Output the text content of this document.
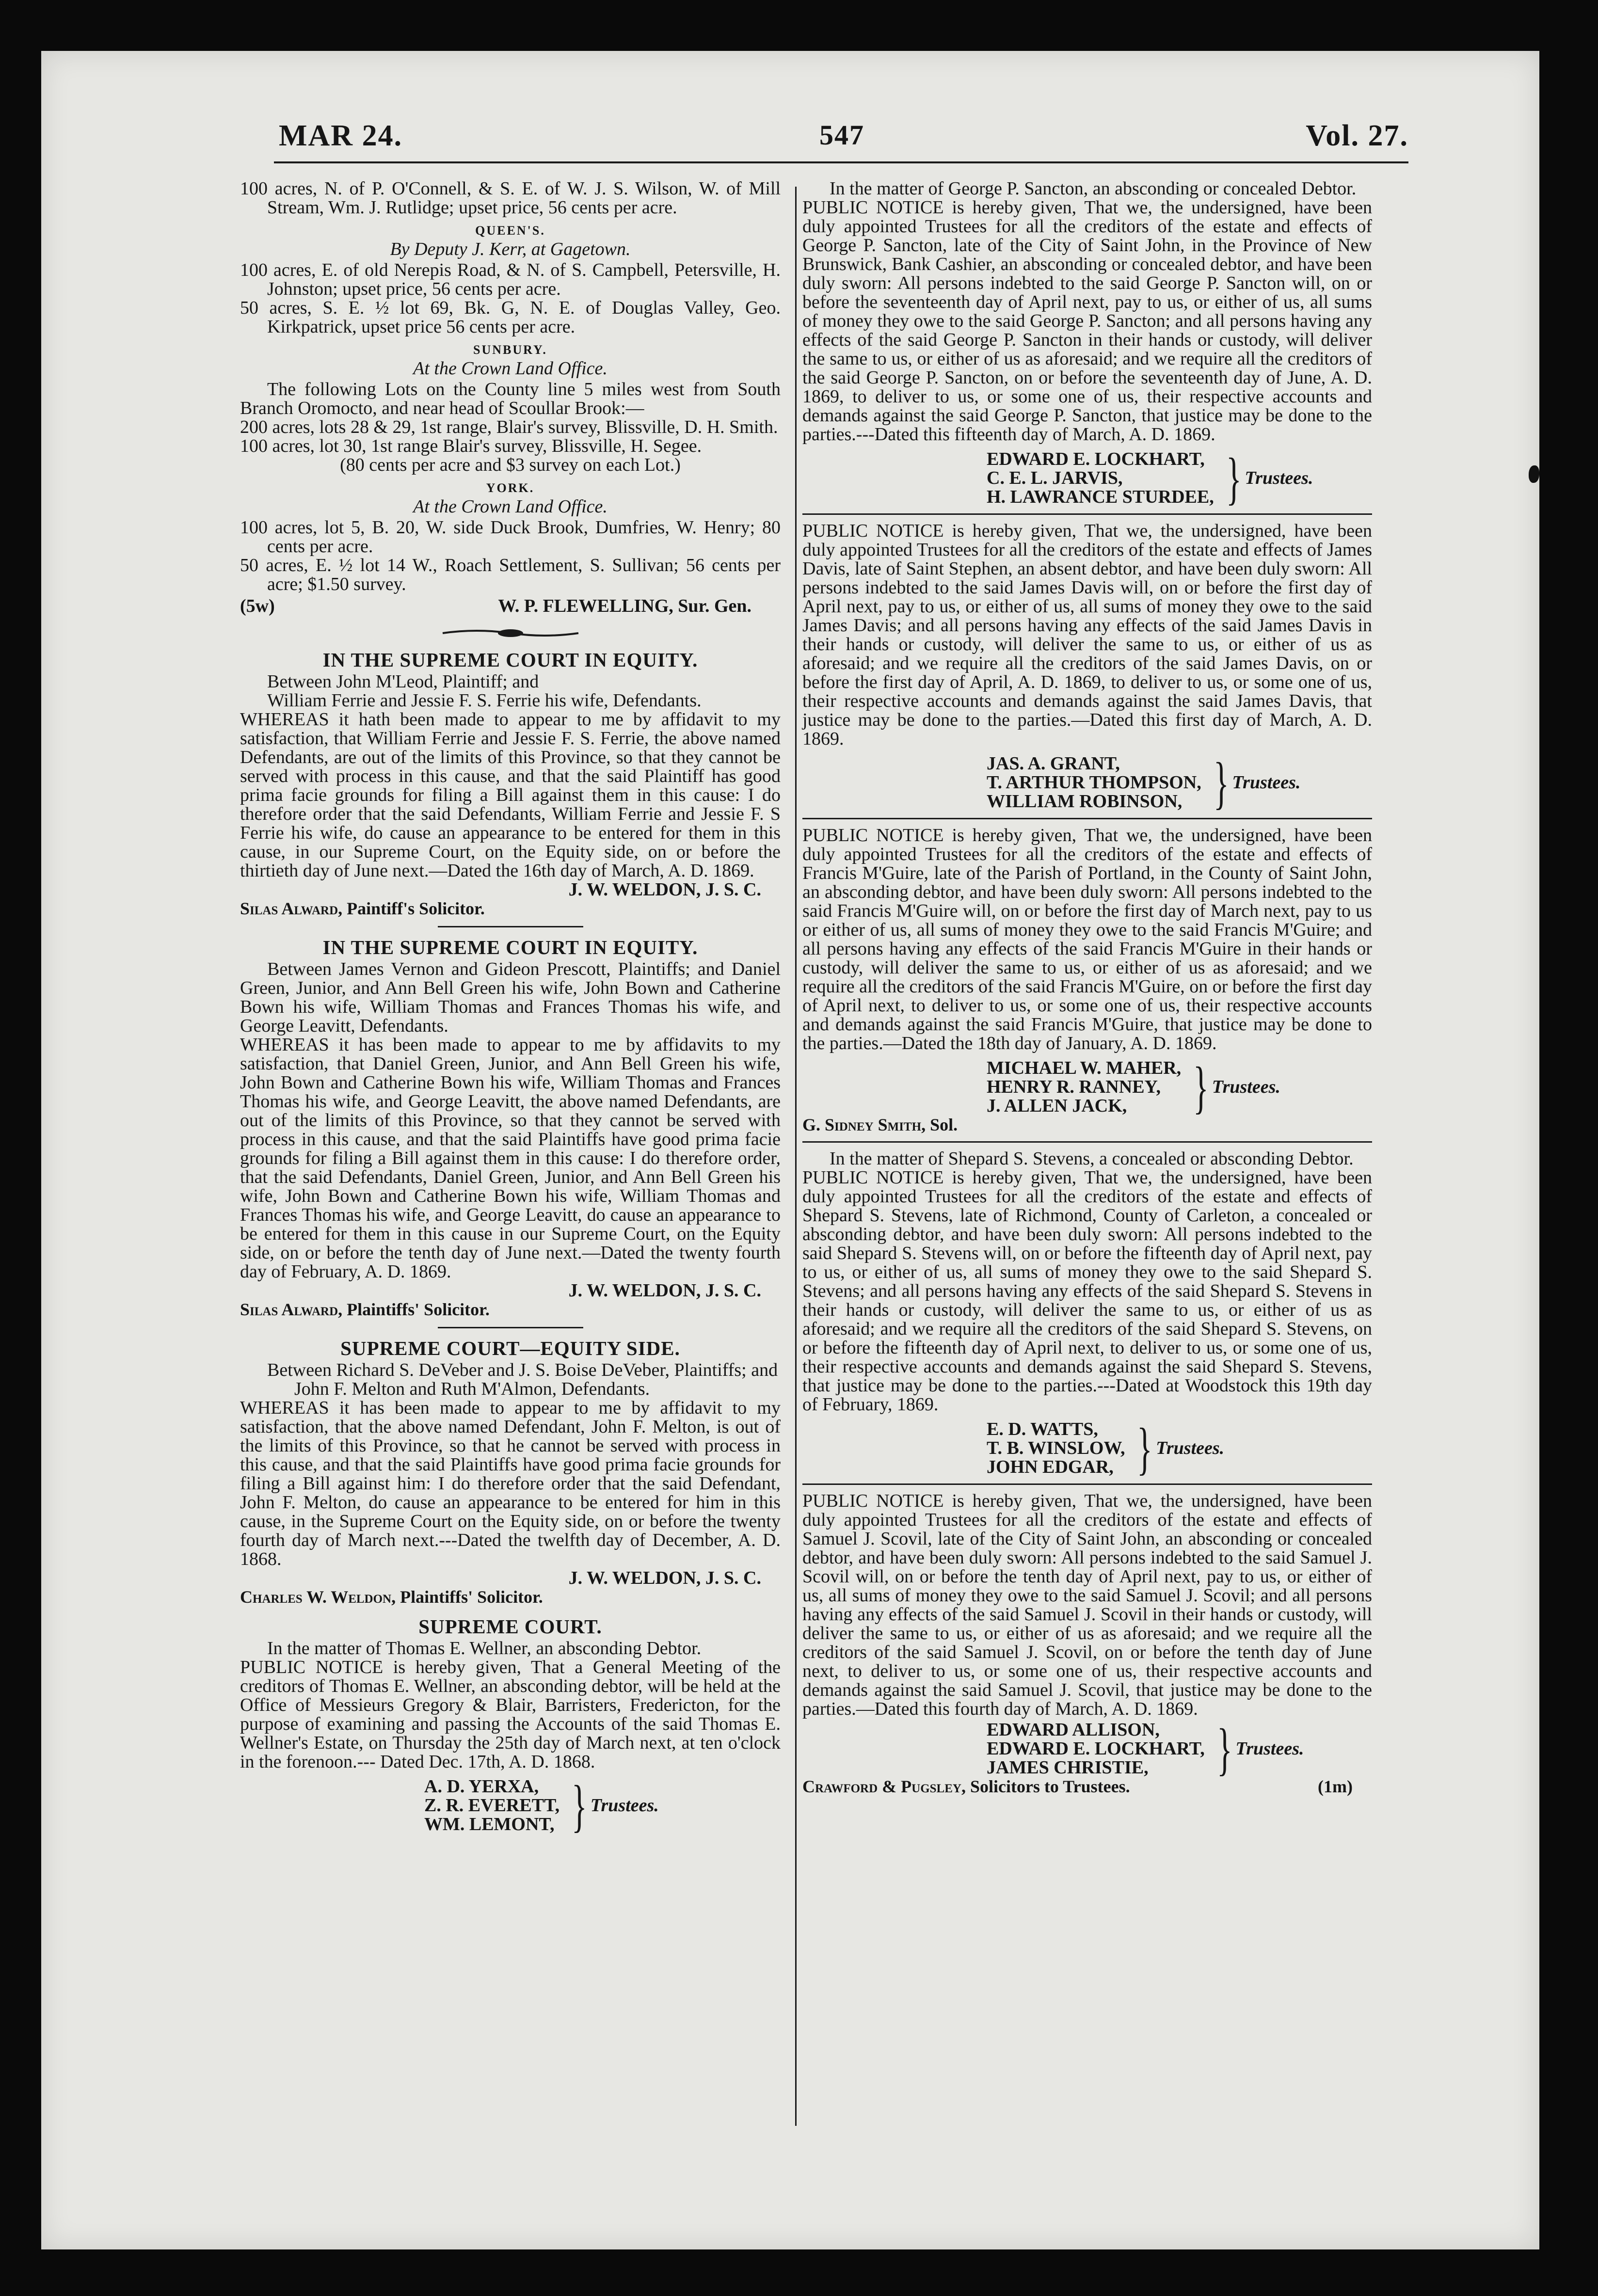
MAR 24.	547	Vol. 27.

100 acres, N. of P. O'Connell, & S. E. of W. J. S. Wilson, W. of Mill Stream, Wm. J. Rutlidge; upset price, 56 cents per acre.

QUEEN'S.

By Deputy J. Kerr, at Gagetown.

100 acres, E. of old Nerepis Road, & N. of S. Campbell, Petersville, H. Johnston; upset price, 56 cents per acre.

50 acres, S. E. ½ lot 69, Bk. G, N. E. of Douglas Valley, Geo. Kirkpatrick, upset price 56 cents per acre.

SUNBURY.

At the Crown Land Office.

The following Lots on the County line 5 miles west from South Branch Oromocto, and near head of Scoullar Brook:—

200 acres, lots 28 & 29, 1st range, Blair's survey, Blissville, D. H. Smith.

100 acres, lot 30, 1st range Blair's survey, Blissville, H. Segee.

(80 cents per acre and $3 survey on each Lot.)

YORK.

At the Crown Land Office.

100 acres, lot 5, B. 20, W. side Duck Brook, Dumfries, W. Henry; 80 cents per acre.

50 acres, E. ½ lot 14 W., Roach Settlement, S. Sullivan; 56 cents per acre; $1.50 survey.

(5w)	W. P. FLEWELLING, Sur. Gen.

IN THE SUPREME COURT IN EQUITY.

Between John M'Leod, Plaintiff; and

William Ferrie and Jessie F. S. Ferrie his wife, Defendants.

WHEREAS it hath been made to appear to me by affidavit to my satisfaction, that William Ferrie and Jessie F. S. Ferrie, the above named Defendants, are out of the limits of this Province, so that they cannot be served with process in this cause, and that the said Plaintiff has good prima facie grounds for filing a Bill against them in this cause: I do therefore order that the said Defendants, William Ferrie and Jessie F. S Ferrie his wife, do cause an appearance to be entered for them in this cause, in our Supreme Court, on the Equity side, on or before the thirtieth day of June next.—Dated the 16th day of March, A. D. 1869.

J. W. WELDON, J. S. C.

Silas Alward, Paintiff's Solicitor.

IN THE SUPREME COURT IN EQUITY.

Between James Vernon and Gideon Prescott, Plaintiffs; and Daniel Green, Junior, and Ann Bell Green his wife, John Bown and Catherine Bown his wife, William Thomas and Frances Thomas his wife, and George Leavitt, Defendants.

WHEREAS it has been made to appear to me by affidavits to my satisfaction, that Daniel Green, Junior, and Ann Bell Green his wife, John Bown and Catherine Bown his wife, William Thomas and Frances Thomas his wife, and George Leavitt, the above named Defendants, are out of the limits of this Province, so that they cannot be served with process in this cause, and that the said Plaintiffs have good prima facie grounds for filing a Bill against them in this cause: I do therefore order, that the said Defendants, Daniel Green, Junior, and Ann Bell Green his wife, John Bown and Catherine Bown his wife, William Thomas and Frances Thomas his wife, and George Leavitt, do cause an appearance to be entered for them in this cause in our Supreme Court, on the Equity side, on or before the tenth day of June next.—Dated the twenty fourth day of February, A. D. 1869.

J. W. WELDON, J. S. C.

Silas Alward, Plaintiffs' Solicitor.

SUPREME COURT—EQUITY SIDE.

Between Richard S. DeVeber and J. S. Boise DeVeber, Plaintiffs; and

John F. Melton and Ruth M'Almon, Defendants.

WHEREAS it has been made to appear to me by affidavit to my satisfaction, that the above named Defendant, John F. Melton, is out of the limits of this Province, so that he cannot be served with process in this cause, and that the said Plaintiffs have good prima facie grounds for filing a Bill against him: I do therefore order that the said Defendant, John F. Melton, do cause an appearance to be entered for him in this cause, in the Supreme Court on the Equity side, on or before the twenty fourth day of March next.---Dated the twelfth day of December, A. D. 1868.

J. W. WELDON, J. S. C.

Charles W. Weldon, Plaintiffs' Solicitor.

SUPREME COURT.

In the matter of Thomas E. Wellner, an absconding Debtor.

PUBLIC NOTICE is hereby given, That a General Meeting of the creditors of Thomas E. Wellner, an absconding debtor, will be held at the Office of Messieurs Gregory & Blair, Barristers, Fredericton, for the purpose of examining and passing the Accounts of the said Thomas E. Wellner's Estate, on Thursday the 25th day of March next, at ten o'clock in the forenoon.--- Dated Dec. 17th, A. D. 1868.

A. D. YERXA,
Z. R. EVERETT,
WM. LEMONT, } Trustees.

In the matter of George P. Sancton, an absconding or concealed Debtor.

PUBLIC NOTICE is hereby given, That we, the undersigned, have been duly appointed Trustees for all the creditors of the estate and effects of George P. Sancton, late of the City of Saint John, in the Province of New Brunswick, Bank Cashier, an absconding or concealed debtor, and have been duly sworn: All persons indebted to the said George P. Sancton will, on or before the seventeenth day of April next, pay to us, or either of us, all sums of money they owe to the said George P. Sancton; and all persons having any effects of the said George P. Sancton in their hands or custody, will deliver the same to us, or either of us as aforesaid; and we require all the creditors of the said George P. Sancton, on or before the seventeenth day of June, A. D. 1869, to deliver to us, or some one of us, their respective accounts and demands against the said George P. Sancton, that justice may be done to the parties.---Dated this fifteenth day of March, A. D. 1869.

EDWARD E. LOCKHART,
C. E. L. JARVIS,
H. LAWRANCE STURDEE, } Trustees.

PUBLIC NOTICE is hereby given, That we, the undersigned, have been duly appointed Trustees for all the creditors of the estate and effects of James Davis, late of Saint Stephen, an absent debtor, and have been duly sworn: All persons indebted to the said James Davis will, on or before the first day of April next, pay to us, or either of us, all sums of money they owe to the said James Davis; and all persons having any effects of the said James Davis in their hands or custody, will deliver the same to us, or either of us as aforesaid; and we require all the creditors of the said James Davis, on or before the first day of April, A. D. 1869, to deliver to us, or some one of us, their respective accounts and demands against the said James Davis, that justice may be done to the parties.—Dated this first day of March, A. D. 1869.

JAS. A. GRANT,
T. ARTHUR THOMPSON,
WILLIAM ROBINSON, } Trustees.

PUBLIC NOTICE is hereby given, That we, the undersigned, have been duly appointed Trustees for all the creditors of the estate and effects of Francis M'Guire, late of the Parish of Portland, in the County of Saint John, an absconding debtor, and have been duly sworn: All persons indebted to the said Francis M'Guire will, on or before the first day of March next, pay to us or either of us, all sums of money they owe to the said Francis M'Guire; and all persons having any effects of the said Francis M'Guire in their hands or custody, will deliver the same to us, or either of us as aforesaid; and we require all the creditors of the said Francis M'Guire, on or before the first day of April next, to deliver to us, or some one of us, their respective accounts and demands against the said Francis M'Guire, that justice may be done to the parties.—Dated the 18th day of January, A. D. 1869.

MICHAEL W. MAHER,
HENRY R. RANNEY,
J. ALLEN JACK,	} Trustees.

G. Sidney Smith, Sol.

In the matter of Shepard S. Stevens, a concealed or absconding Debtor.

PUBLIC NOTICE is hereby given, That we, the undersigned, have been duly appointed Trustees for all the creditors of the estate and effects of Shepard S. Stevens, late of Richmond, County of Carleton, a concealed or absconding debtor, and have been duly sworn: All persons indebted to the said Shepard S. Stevens will, on or before the fifteenth day of April next, pay to us, or either of us, all sums of money they owe to the said Shepard S. Stevens; and all persons having any effects of the said Shepard S. Stevens in their hands or custody, will deliver the same to us, or either of us as aforesaid; and we require all the creditors of the said Shepard S. Stevens, on or before the fifteenth day of April next, to deliver to us, or some one of us, their respective accounts and demands against the said Shepard S. Stevens, that justice may be done to the parties.---Dated at Woodstock this 19th day of February, 1869.

E. D. WATTS,
T. B. WINSLOW,
JOHN EDGAR, } Trustees.

PUBLIC NOTICE is hereby given, That we, the undersigned, have been duly appointed Trustees for all the creditors of the estate and effects of Samuel J. Scovil, late of the City of Saint John, an absconding or concealed debtor, and have been duly sworn: All persons indebted to the said Samuel J. Scovil will, on or before the tenth day of April next, pay to us, or either of us, all sums of money they owe to the said Samuel J. Scovil; and all persons having any effects of the said Samuel J. Scovil in their hands or custody, will deliver the same to us, or either of us as aforesaid; and we require all the creditors of the said Samuel J. Scovil, on or before the tenth day of June next, to deliver to us, or some one of us, their respective accounts and demands against the said Samuel J. Scovil, that justice may be done to the parties.—Dated this fourth day of March, A. D. 1869.

EDWARD ALLISON,
EDWARD E. LOCKHART,
JAMES CHRISTIE,	} Trustees.

Crawford & Pugsley, Solicitors to Trustees.	(1m)
